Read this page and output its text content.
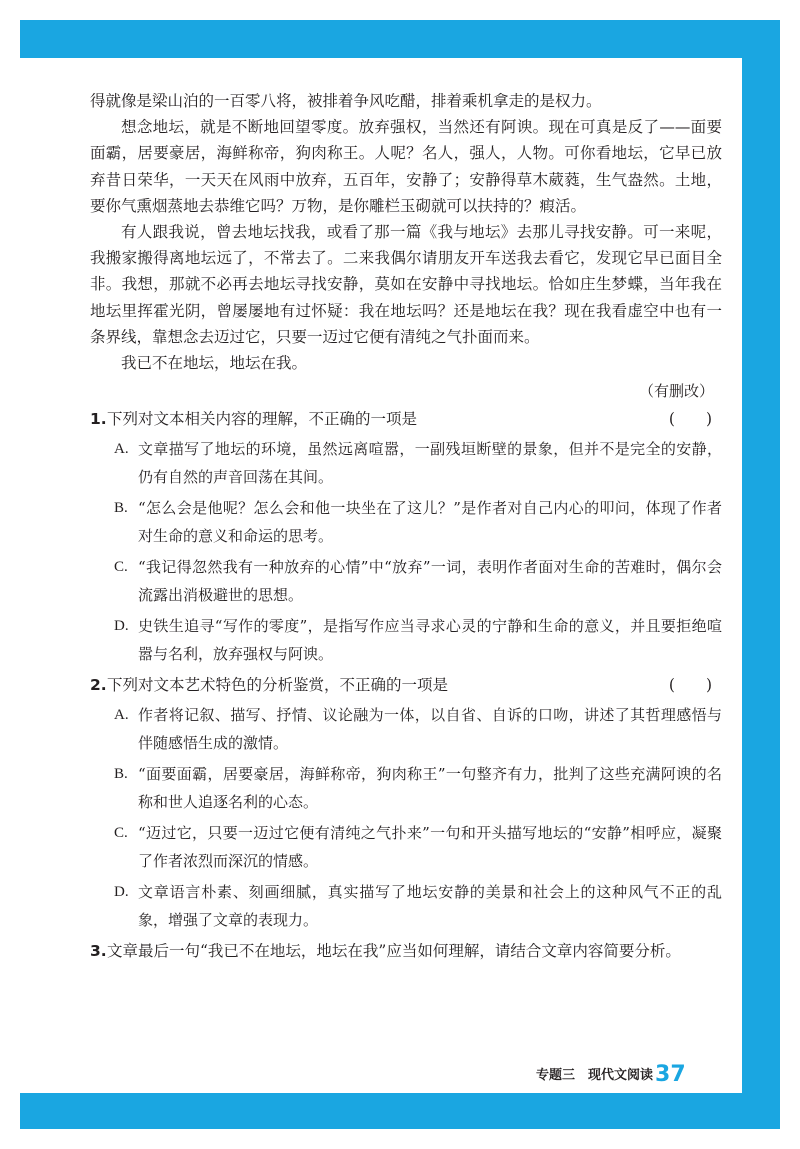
得就像是梁山泊的一百零八将，被排着争风吃醋，排着乘机拿走的是权力。

想念地坛，就是不断地回望零度。放弃强权，当然还有阿谀。现在可真是反了——面要面霸，居要豪居，海鲜称帝，狗肉称王。人呢？名人，强人，人物。可你看地坛，它早已放弃昔日荣华，一天天在风雨中放弃，五百年，安静了；安静得草木葳蕤，生气盎然。土地，要你气熏烟蒸地去恭维它吗？万物，是你雕栏玉砌就可以扶持的？瘕活。

有人跟我说，曾去地坛找我，或看了那一篇《我与地坛》去那儿寻找安静。可一来呢，我搬家搬得离地坛远了，不常去了。二来我偶尔请朋友开车送我去看它，发现它早已面目全非。我想，那就不必再去地坛寻找安静，莫如在安静中寻找地坛。恰如庄生梦蝶，当年我在地坛里挥霍光阴，曾屡屡地有过怀疑：我在地坛吗？还是地坛在我？现在我看虚空中也有一条界线，靠想念去迈过它，只要一迈过它便有清纯之气扑面而来。

我已不在地坛，地坛在我。

（有删改）
1. 下列对文本相关内容的理解，不正确的一项是	(　　)
A. 文章描写了地坛的环境，虽然远离喧嚣，一副残垣断壁的景象，但并不是完全的安静，仍有自然的声音回荡在其间。
B. “怎么会是他呢？怎么会和他一块坐在了这儿？”是作者对自己内心的叩问，体现了作者对生命的意义和命运的思考。
C. “我记得忽然我有一种放弃的心情”中“放弃”一词，表明作者面对生命的苦难时，偶尔会流露出消极避世的思想。
D. 史铁生追寻“写作的零度”，是指写作应当寻求心灵的宁静和生命的意义，并且要拒绝喧嚣与名利，放弃强权与阿谀。
2. 下列对文本艺术特色的分析鉴赏，不正确的一项是	(　　)
A. 作者将记叙、描写、抒情、议论融为一体，以自省、自诉的口吻，讲述了其哲理感悟与伴随感悟生成的激情。
B. “面要面霸，居要豪居，海鲜称帝，狗肉称王”一句整齐有力，批判了这些充满阿谀的名称和世人追逐名利的心态。
C. “迈过它，只要一迈过它便有清纯之气扑来”一句和开头描写地坛的“安静”相呼应，凝聚了作者浓烈而深沉的情感。
D. 文章语言朴素、刻画细腻，真实描写了地坛安静的美景和社会上的这种风气不正的乱象，增强了文章的表现力。
3. 文章最后一句“我已不在地坛，地坛在我”应当如何理解，请结合文章内容简要分析。
专题三　现代文阅读37
